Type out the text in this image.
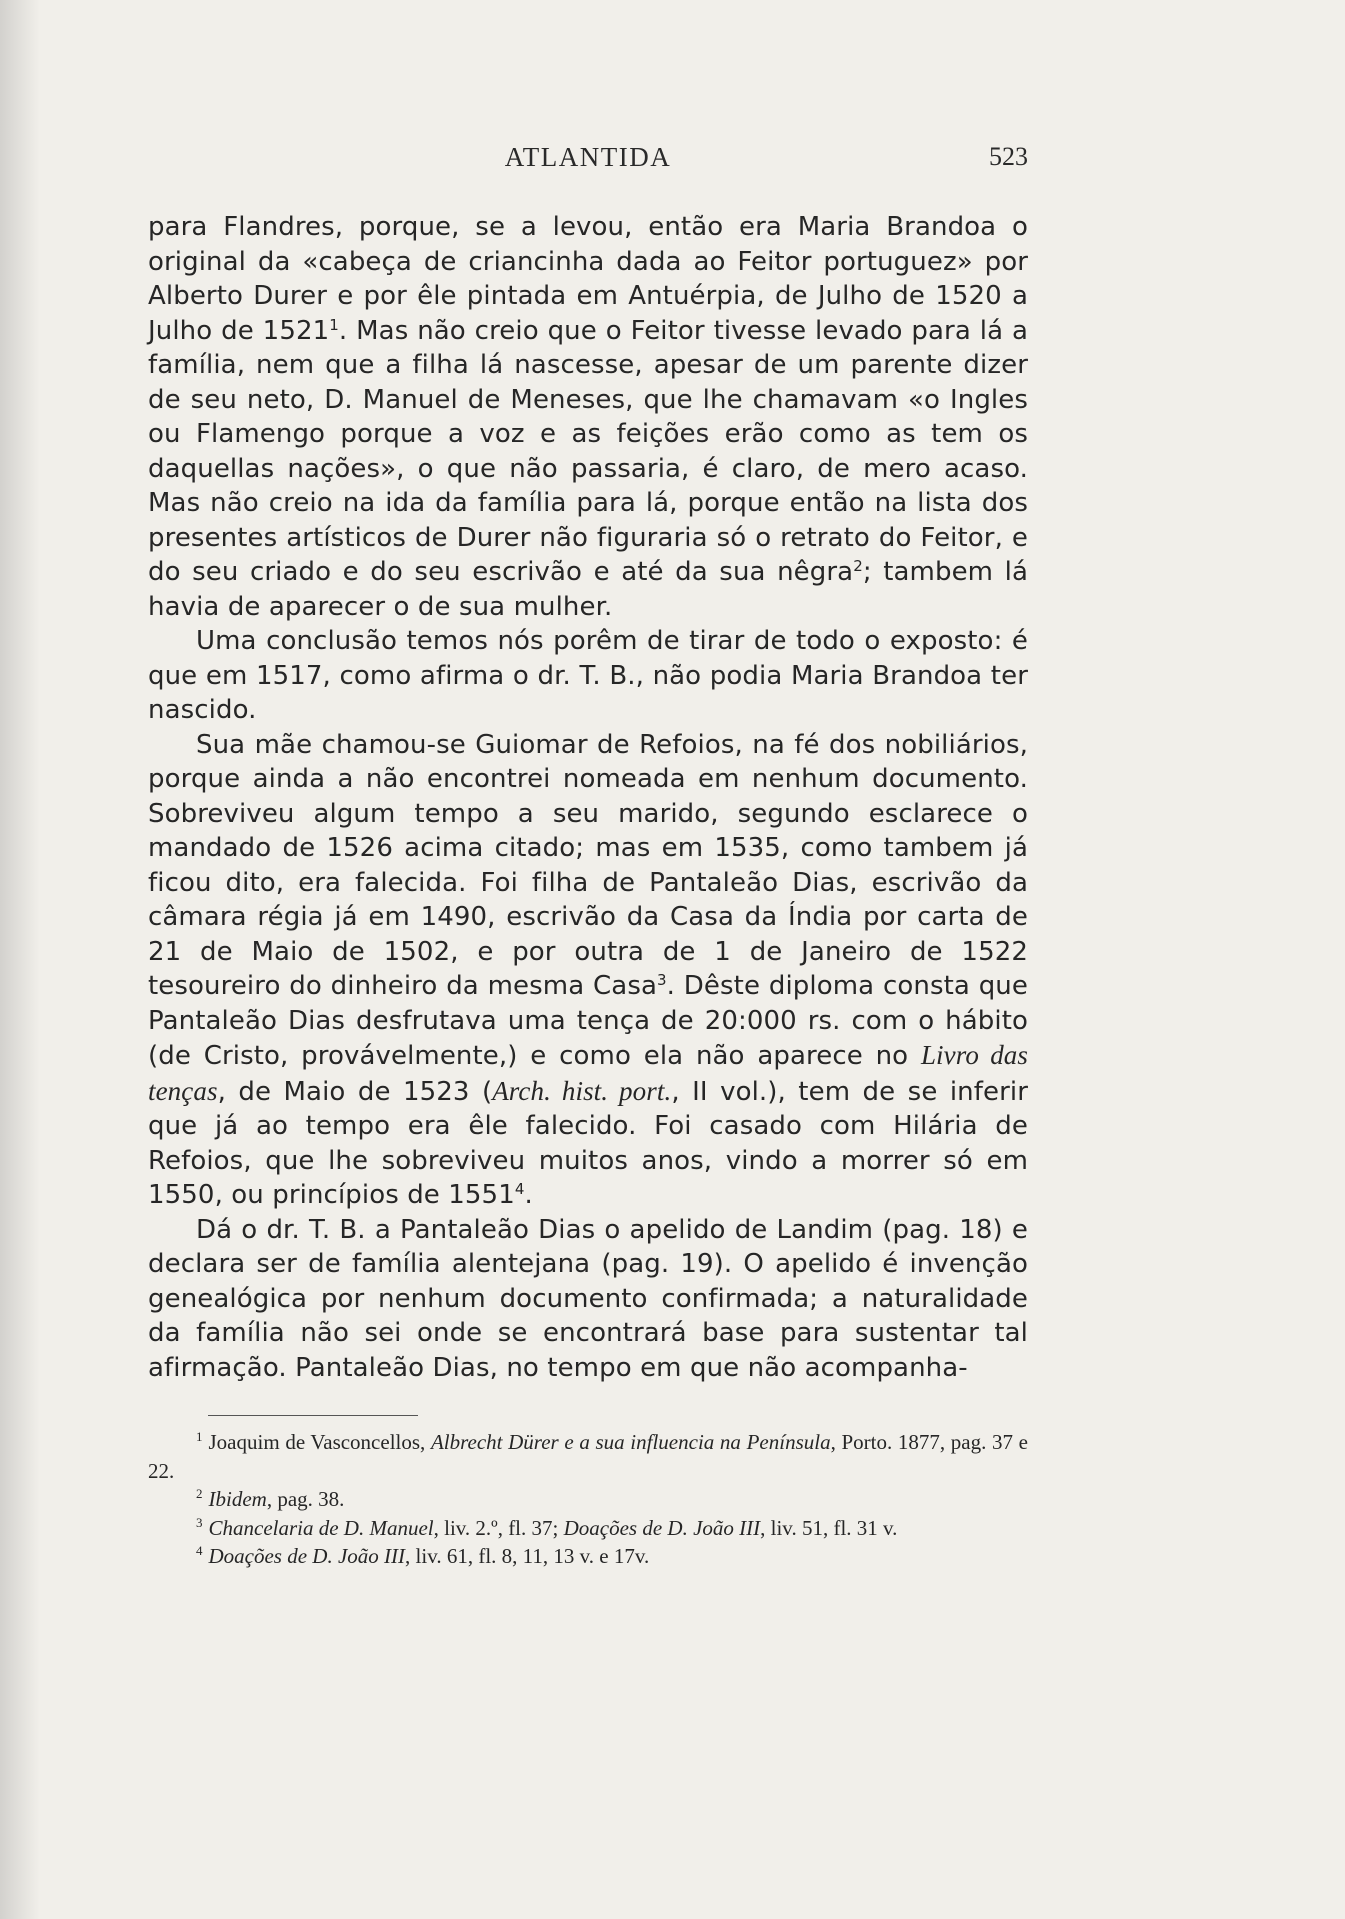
ATLANTIDA	523

para Flandres, porque, se a levou, então era Maria Brandoa o original da «cabeça de criancinha dada ao Feitor portuguez» por Alberto Durer e por êle pintada em Antuérpia, de Julho de 1520 a Julho de 1521$^1$. Mas não creio que o Feitor tivesse levado para lá a família, nem que a filha lá nascesse, apesar de um parente dizer de seu neto, D. Manuel de Meneses, que lhe chamavam «o Ingles ou Flamengo porque a voz e as feições erão como as tem os daquellas nações», o que não passaria, é claro, de mero acaso. Mas não creio na ida da família para lá, porque então na lista dos presentes artísticos de Durer não figuraria só o retrato do Feitor, e do seu criado e do seu escrivão e até da sua nêgra$^2$; tambem lá havia de aparecer o de sua mulher.

Uma conclusão temos nós porêm de tirar de todo o exposto: é que em 1517, como afirma o dr. T. B., não podia Maria Brandoa ter nascido.

Sua mãe chamou-se Guiomar de Refoios, na fé dos nobiliários, porque ainda a não encontrei nomeada em nenhum documento. Sobreviveu algum tempo a seu marido, segundo esclarece o mandado de 1526 acima citado; mas em 1535, como tambem já ficou dito, era falecida. Foi filha de Pantaleão Dias, escrivão da câmara régia já em 1490, escrivão da Casa da Índia por carta de 21 de Maio de 1502, e por outra de 1 de Janeiro de 1522 tesoureiro do dinheiro da mesma Casa$^3$. Dêste diploma consta que Pantaleão Dias desfrutava uma tença de 20:000 rs. com o hábito (de Cristo, provávelmente,) e como ela não aparece no Livro das tenças, de Maio de 1523 (Arch. hist. port., II vol.), tem de se inferir que já ao tempo era êle falecido. Foi casado com Hilária de Refoios, que lhe sobreviveu muitos anos, vindo a morrer só em 1550, ou princípios de 1551$^4$.

Dá o dr. T. B. a Pantaleão Dias o apelido de Landim (pag. 18) e declara ser de família alentejana (pag. 19). O apelido é invenção genealógica por nenhum documento confirmada; a naturalidade da família não sei onde se encontrará base para sustentar tal afirmação. Pantaleão Dias, no tempo em que não acompanha-

$^1$ Joaquim de Vasconcellos, Albrecht Dürer e a sua influencia na Península, Porto. 1877, pag. 37 e 22.

$^2$ Ibidem, pag. 38.

$^3$ Chancelaria de D. Manuel, liv. 2.º, fl. 37; Doações de D. João III, liv. 51, fl. 31 v.

$^4$ Doações de D. João III, liv. 61, fl. 8, 11, 13 v. e 17v.
